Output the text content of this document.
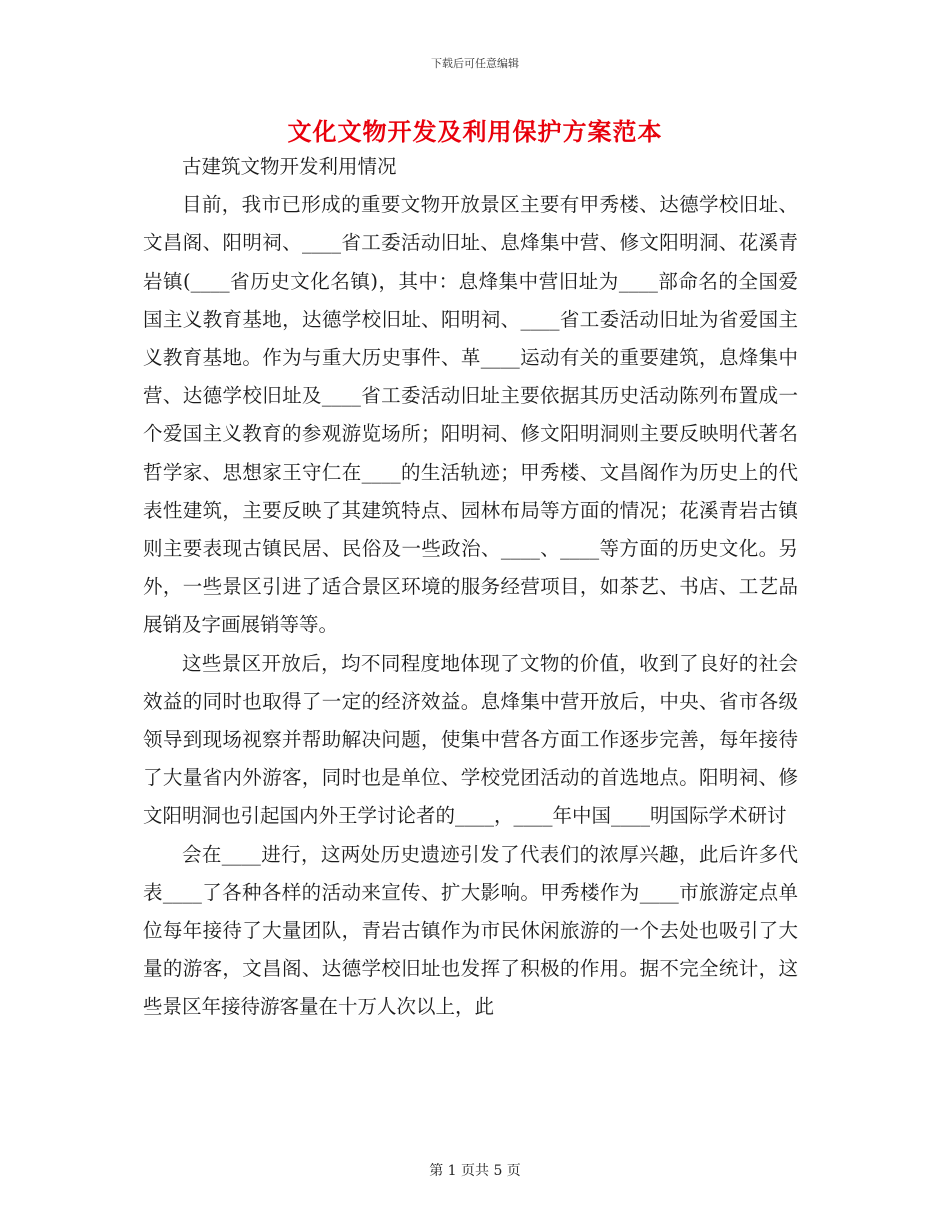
下载后可任意编辑
文化文物开发及利用保护方案范本

古建筑文物开发利用情况

目前，我市已形成的重要文物开放景区主要有甲秀楼、达德学校旧址、文昌阁、阳明祠、____省工委活动旧址、息烽集中营、修文阳明洞、花溪青岩镇(____省历史文化名镇)，其中：息烽集中营旧址为____部命名的全国爱国主义教育基地，达德学校旧址、阳明祠、____省工委活动旧址为省爱国主义教育基地。作为与重大历史事件、革____运动有关的重要建筑，息烽集中营、达德学校旧址及____省工委活动旧址主要依据其历史活动陈列布置成一个爱国主义教育的参观游览场所；阳明祠、修文阳明洞则主要反映明代著名哲学家、思想家王守仁在____的生活轨迹；甲秀楼、文昌阁作为历史上的代表性建筑，主要反映了其建筑特点、园林布局等方面的情况；花溪青岩古镇则主要表现古镇民居、民俗及一些政治、____、____等方面的历史文化。另外，一些景区引进了适合景区环境的服务经营项目，如茶艺、书店、工艺品展销及字画展销等等。

这些景区开放后，均不同程度地体现了文物的价值，收到了良好的社会效益的同时也取得了一定的经济效益。息烽集中营开放后，中央、省市各级领导到现场视察并帮助解决问题，使集中营各方面工作逐步完善，每年接待了大量省内外游客，同时也是单位、学校党团活动的首选地点。阳明祠、修文阳明洞也引起国内外王学讨论者的____，____年中国____明国际学术研讨

会在____进行，这两处历史遗迹引发了代表们的浓厚兴趣，此后许多代表____了各种各样的活动来宣传、扩大影响。甲秀楼作为____市旅游定点单位每年接待了大量团队，青岩古镇作为市民休闲旅游的一个去处也吸引了大量的游客，文昌阁、达德学校旧址也发挥了积极的作用。据不完全统计，这些景区年接待游客量在十万人次以上，此

第 1 页共 5 页
